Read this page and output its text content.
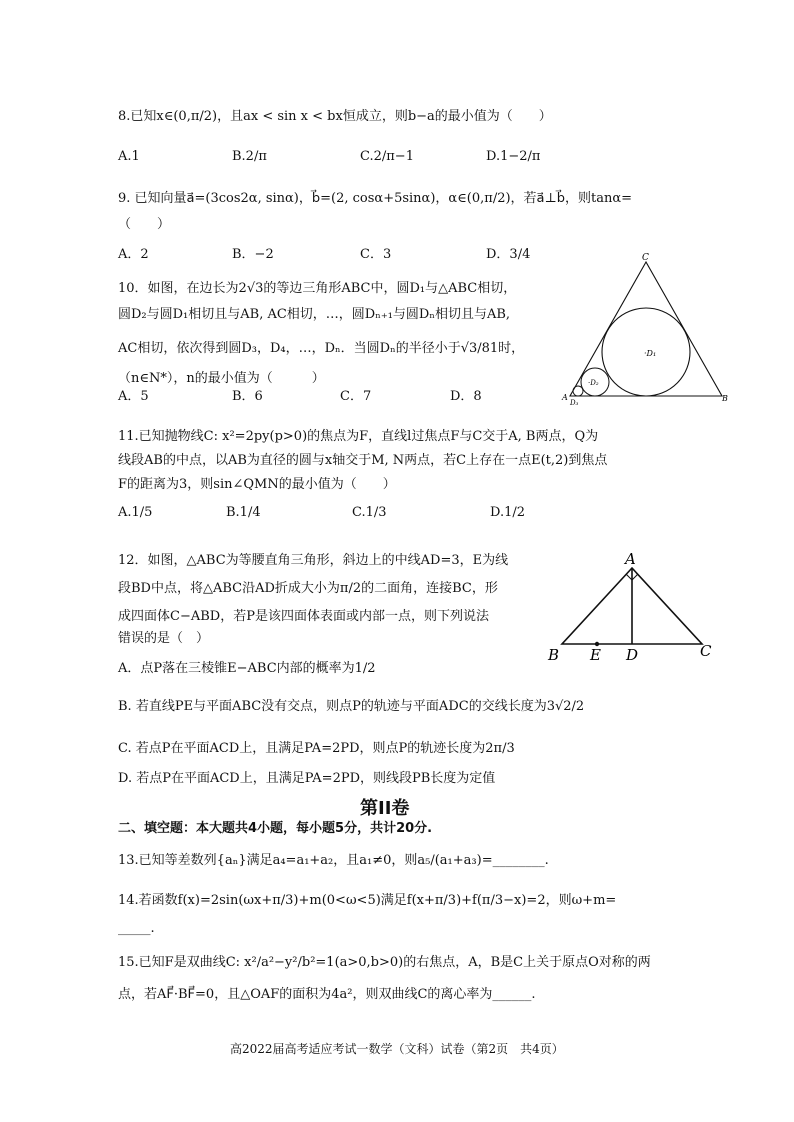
8.已知x∈(0,π/2)，且ax < sin x < bx恒成立，则b−a的最小值为（　　）
A.1	B.2/π	C.2/π−1	D.1−2/π
9. 已知向量a⃗=(3cos2α, sinα)，b⃗=(2, cosα+5sinα)，α∈(0,π/2)，若a⃗⊥b⃗，则tanα=
（　　）
A．2	B．−2	C．3	D．3/4
10．如图，在边长为2√3的等边三角形ABC中，圆D₁与△ABC相切，
圆D₂与圆D₁相切且与AB, AC相切，…，圆Dₙ₊₁与圆Dₙ相切且与AB,
AC相切，依次得到圆D₃，D₄，…，Dₙ．当圆Dₙ的半径小于√3/81时，
（n∈N*），n的最小值为（　　　）
A．5	B．6	C．7	D．8
C
A	B
·D₁
·D₂
D₃
11.已知抛物线C: x²=2py(p>0)的焦点为F，直线l过焦点F与C交于A, B两点，Q为
线段AB的中点，以AB为直径的圆与x轴交于M, N两点，若C上存在一点E(t,2)到焦点
F的距离为3，则sin∠QMN的最小值为（　　）
A.1/5	B.1/4	C.1/3	D.1/2
12．如图，△ABC为等腰直角三角形，斜边上的中线AD=3，E为线
段BD中点，将△ABC沿AD折成大小为π/2的二面角，连接BC，形
成四面体C−ABD，若P是该四面体表面或内部一点，则下列说法
错误的是（　）
A．点P落在三棱锥E−ABC内部的概率为1/2
B. 若直线PE与平面ABC没有交点，则点P的轨迹与平面ADC的交线长度为3√2/2
C. 若点P在平面ACD上，且满足PA=2PD，则点P的轨迹长度为2π/3
D. 若点P在平面ACD上，且满足PA=2PD，则线段PB长度为定值
A
B E D	C
第II卷
二、填空题：本大题共4小题，每小题5分，共计20分.
13.已知等差数列{aₙ}满足a₄=a₁+a₂，且a₁≠0，则a₅/(a₁+a₃)=________.
14.若函数f(x)=2sin(ωx+π/3)+m(0<ω<5)满足f(x+π/3)+f(π/3−x)=2，则ω+m=
_____.
15.已知F是双曲线C: x²/a²−y²/b²=1(a>0,b>0)的右焦点，A，B是C上关于原点O对称的两
点，若AF⃗·BF⃗=0，且△OAF的面积为4a²，则双曲线C的离心率为______.
高2022届高考适应考试一数学（文科）试卷（第2页　共4页）
